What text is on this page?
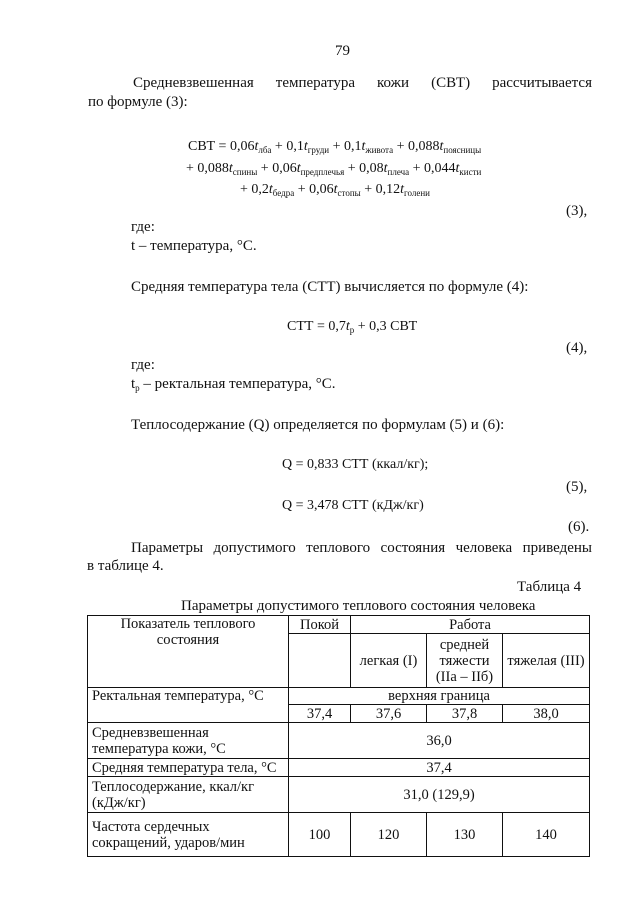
79
Средневзвешенная температура кожи (СВТ) рассчитывается
по формуле (3):
СВТ = $0,06t_{лба} + 0,1t_{груди} + 0,1t_{живота} + 0,088t_{поясницы}$
+ $0,088t_{спины} + 0,06t_{предплечья} + 0,08t_{плеча} + 0,044t_{кисти}$
+ $0,2t_{бедра} + 0,06t_{стопы} + 0,12t_{голени}$
(3),
где:
t – температура, °С.
Средняя температура тела (СТТ) вычисляется по формуле (4):
СТТ = $0,7t_р + 0,3$ СВТ
(4),
где:
$t_р$ – ректальная температура, °С.
Теплосодержание (Q) определяется по формулам (5) и (6):
Q = 0,833 СТТ (ккал/кг);
(5),
Q = 3,478 СТТ (кДж/кг)
(6).
Параметры допустимого теплового состояния человека приведены
в таблице 4.
Таблица 4
Параметры допустимого теплового состояния человека
Показатель теплового состояния	Покой	Работа		
		легкая (I)	средней тяжести (IIа – IIб)	тяжелая (III)
Ректальная температура, °С	верхняя граница			
	37,4	37,6	37,8	38,0
Средневзвешенная температура кожи, °С	36,0			
Средняя температура тела, °С	37,4			
Теплосодержание, ккал/кг (кДж/кг)	31,0 (129,9)			
Частота сердечных сокращений, ударов/мин	100	120	130	140
